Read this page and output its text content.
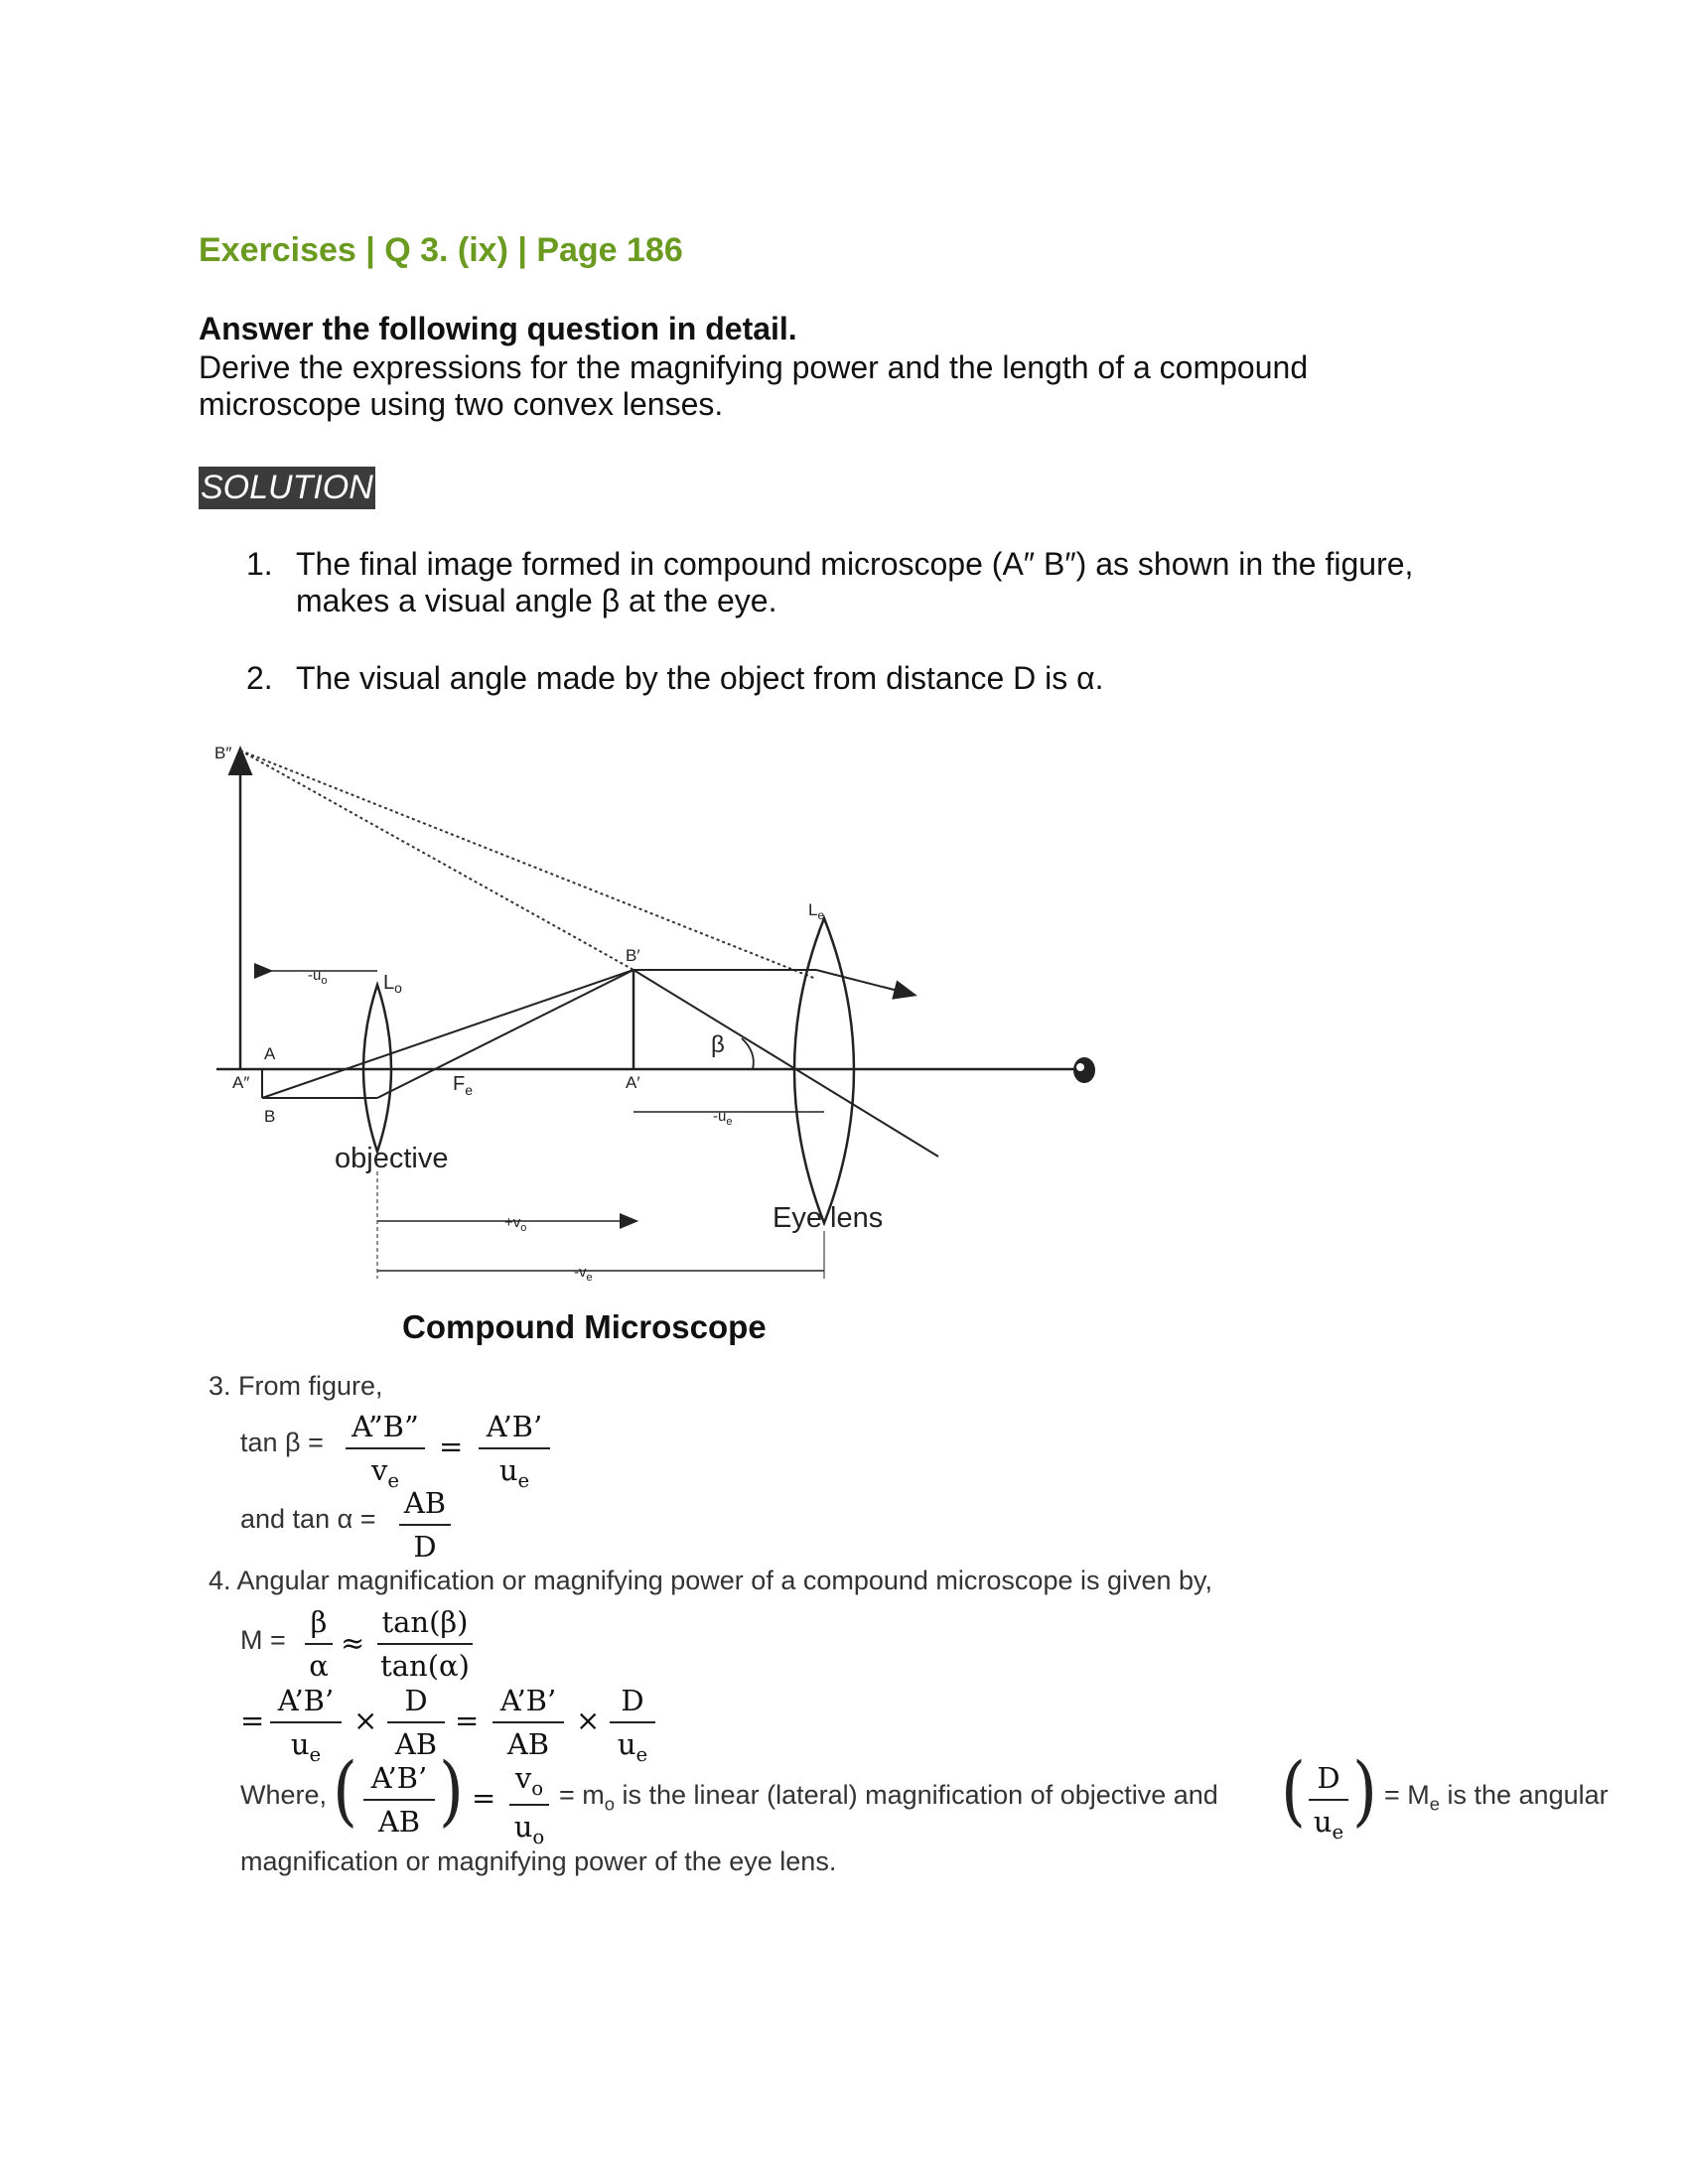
Exercises | Q 3. (ix) | Page 186
Answer the following question in detail.
Derive the expressions for the magnifying power and the length of a compound microscope using two convex lenses.
SOLUTION
1. The final image formed in compound microscope (A″ B″) as shown in the figure,
makes a visual angle β at the eye.
2. The visual angle made by the object from distance D is α.
B″
B′
A
A″
B
A′
$L_o$
$L_e$
$F_e$
β
$-u_o$
$-u_e$
$+v_o$
$-v_e$
objective
Eye lens
Compound Microscope
3. From figure,
tan β = A”B”
$v_e$
=
A’B’
$u_e$
and tan α = AB
D
4. Angular magnification or magnifying power of a compound microscope is given by,
M =
β
α
≈
tan(β)
tan(α)
=
A’B’
$u_e$
×
D
AB
=
A’B’
AB
×
D
$u_e$
Where, ( A’B’
AB ) =
$v_o$
$u_o$
= $m_o$ is the linear (lateral) magnification of objective and ( D
$u_e$ ) = $M_e$ is the angular
magnification or magnifying power of the eye lens.
